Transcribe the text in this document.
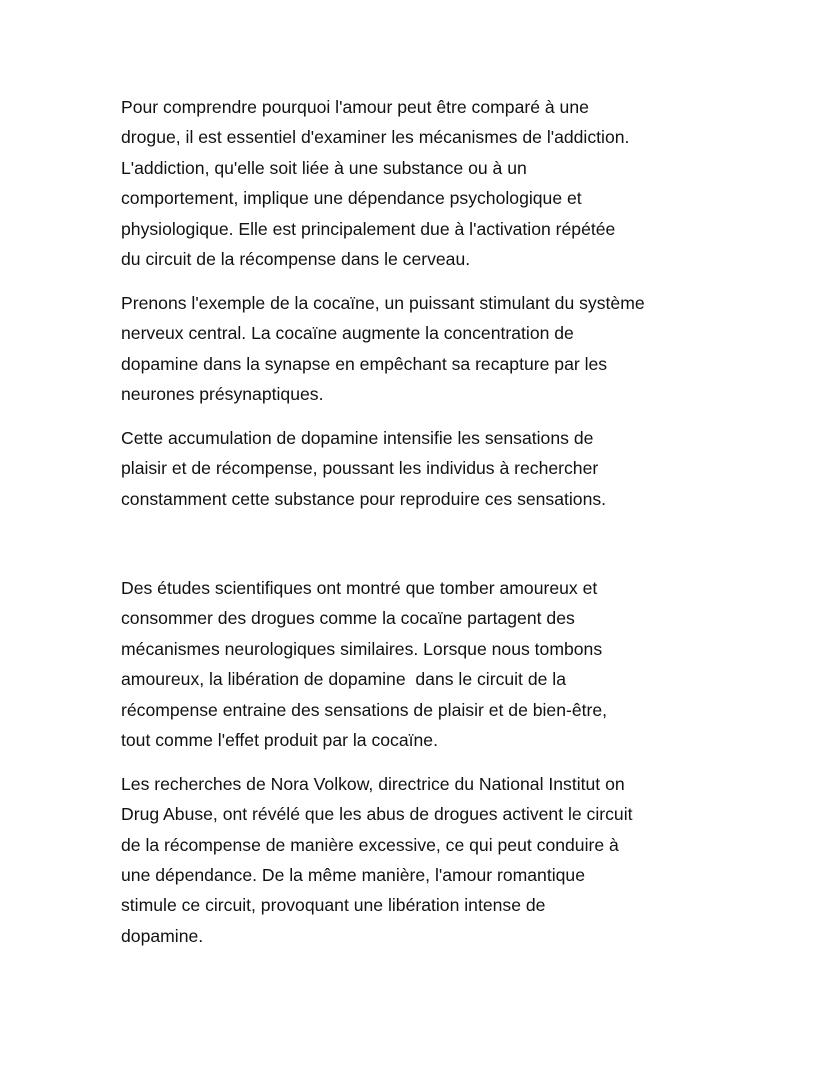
Pour comprendre pourquoi l'amour peut être comparé à une
drogue, il est essentiel d'examiner les mécanismes de l'addiction.
L'addiction, qu'elle soit liée à une substance ou à un
comportement, implique une dépendance psychologique et
physiologique. Elle est principalement due à l'activation répétée
du circuit de la récompense dans le cerveau.

Prenons l'exemple de la cocaïne, un puissant stimulant du système
nerveux central. La cocaïne augmente la concentration de
dopamine dans la synapse en empêchant sa recapture par les
neurones présynaptiques.

Cette accumulation de dopamine intensifie les sensations de
plaisir et de récompense, poussant les individus à rechercher
constamment cette substance pour reproduire ces sensations.

Des études scientifiques ont montré que tomber amoureux et
consommer des drogues comme la cocaïne partagent des
mécanismes neurologiques similaires. Lorsque nous tombons
amoureux, la libération de dopamine  dans le circuit de la
récompense entraine des sensations de plaisir et de bien-être,
tout comme l'effet produit par la cocaïne.

Les recherches de Nora Volkow, directrice du National Institut on
Drug Abuse, ont révélé que les abus de drogues activent le circuit
de la récompense de manière excessive, ce qui peut conduire à
une dépendance. De la même manière, l'amour romantique
stimule ce circuit, provoquant une libération intense de
dopamine.
